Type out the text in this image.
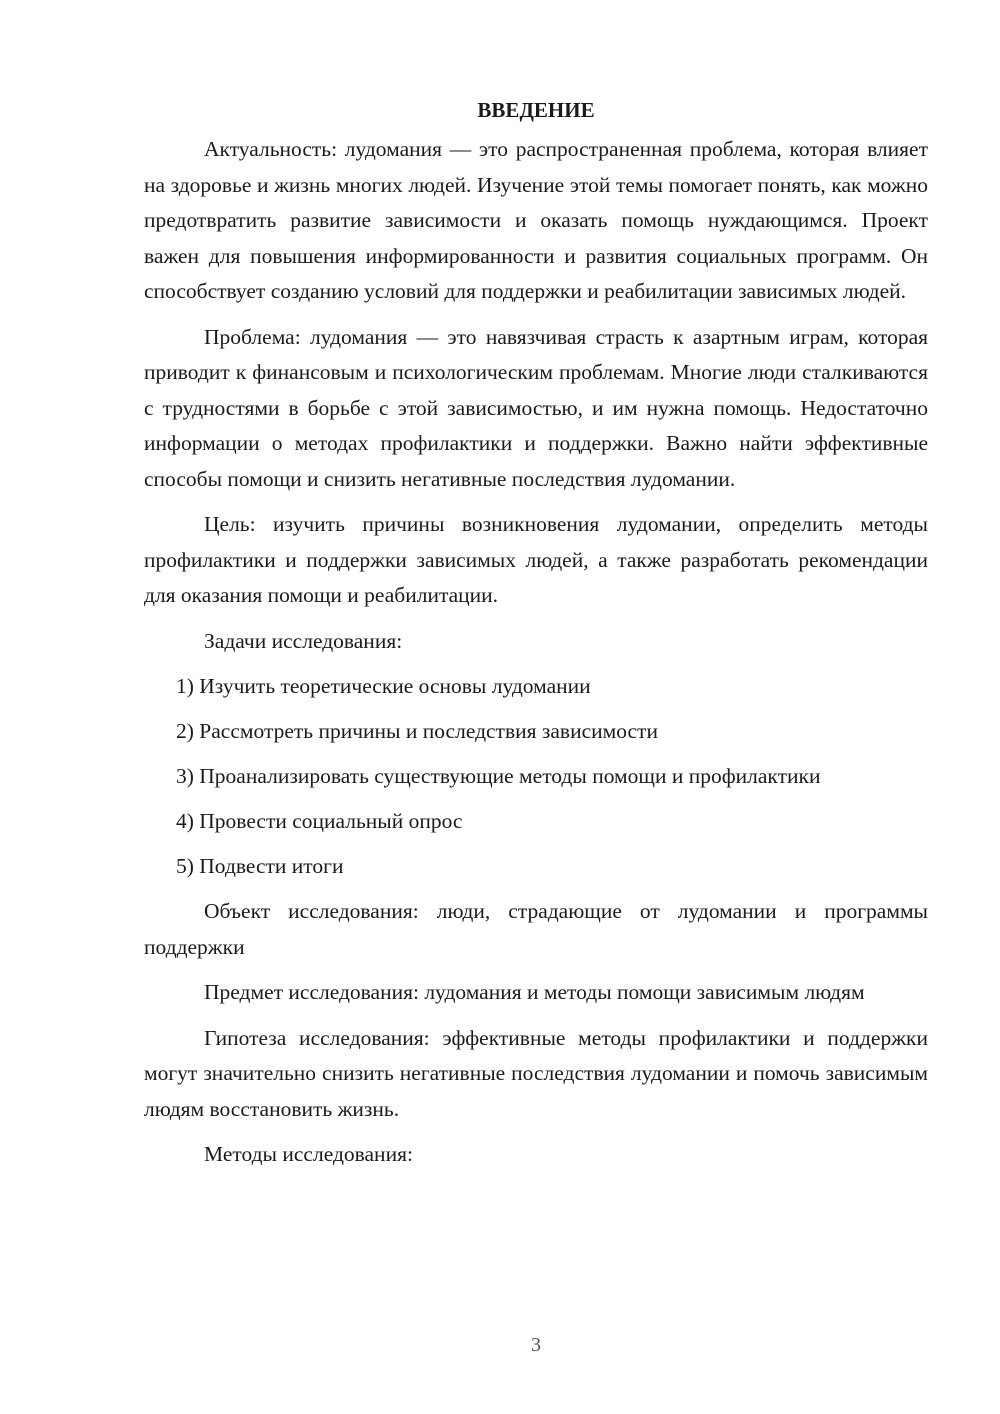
ВВЕДЕНИЕ

Актуальность: лудомания — это распространенная проблема, которая влияет на здоровье и жизнь многих людей. Изучение этой темы помогает понять, как можно предотвратить развитие зависимости и оказать помощь нуждающимся. Проект важен для повышения информированности и развития социальных программ. Он способствует созданию условий для поддержки и реабилитации зависимых людей.

Проблема: лудомания — это навязчивая страсть к азартным играм, которая приводит к финансовым и психологическим проблемам. Многие люди сталкиваются с трудностями в борьбе с этой зависимостью, и им нужна помощь. Недостаточно информации о методах профилактики и поддержки. Важно найти эффективные способы помощи и снизить негативные последствия лудомании.

Цель: изучить причины возникновения лудомании, определить методы профилактики и поддержки зависимых людей, а также разработать рекомендации для оказания помощи и реабилитации.

Задачи исследования:

1) Изучить теоретические основы лудомании
2) Рассмотреть причины и последствия зависимости
3) Проанализировать существующие методы помощи и профилактики
4) Провести социальный опрос
5) Подвести итоги

Объект исследования: люди, страдающие от лудомании и программы поддержки

Предмет исследования: лудомания и методы помощи зависимым людям

Гипотеза исследования: эффективные методы профилактики и поддержки могут значительно снизить негативные последствия лудомании и помочь зависимым людям восстановить жизнь.

Методы исследования:

3
